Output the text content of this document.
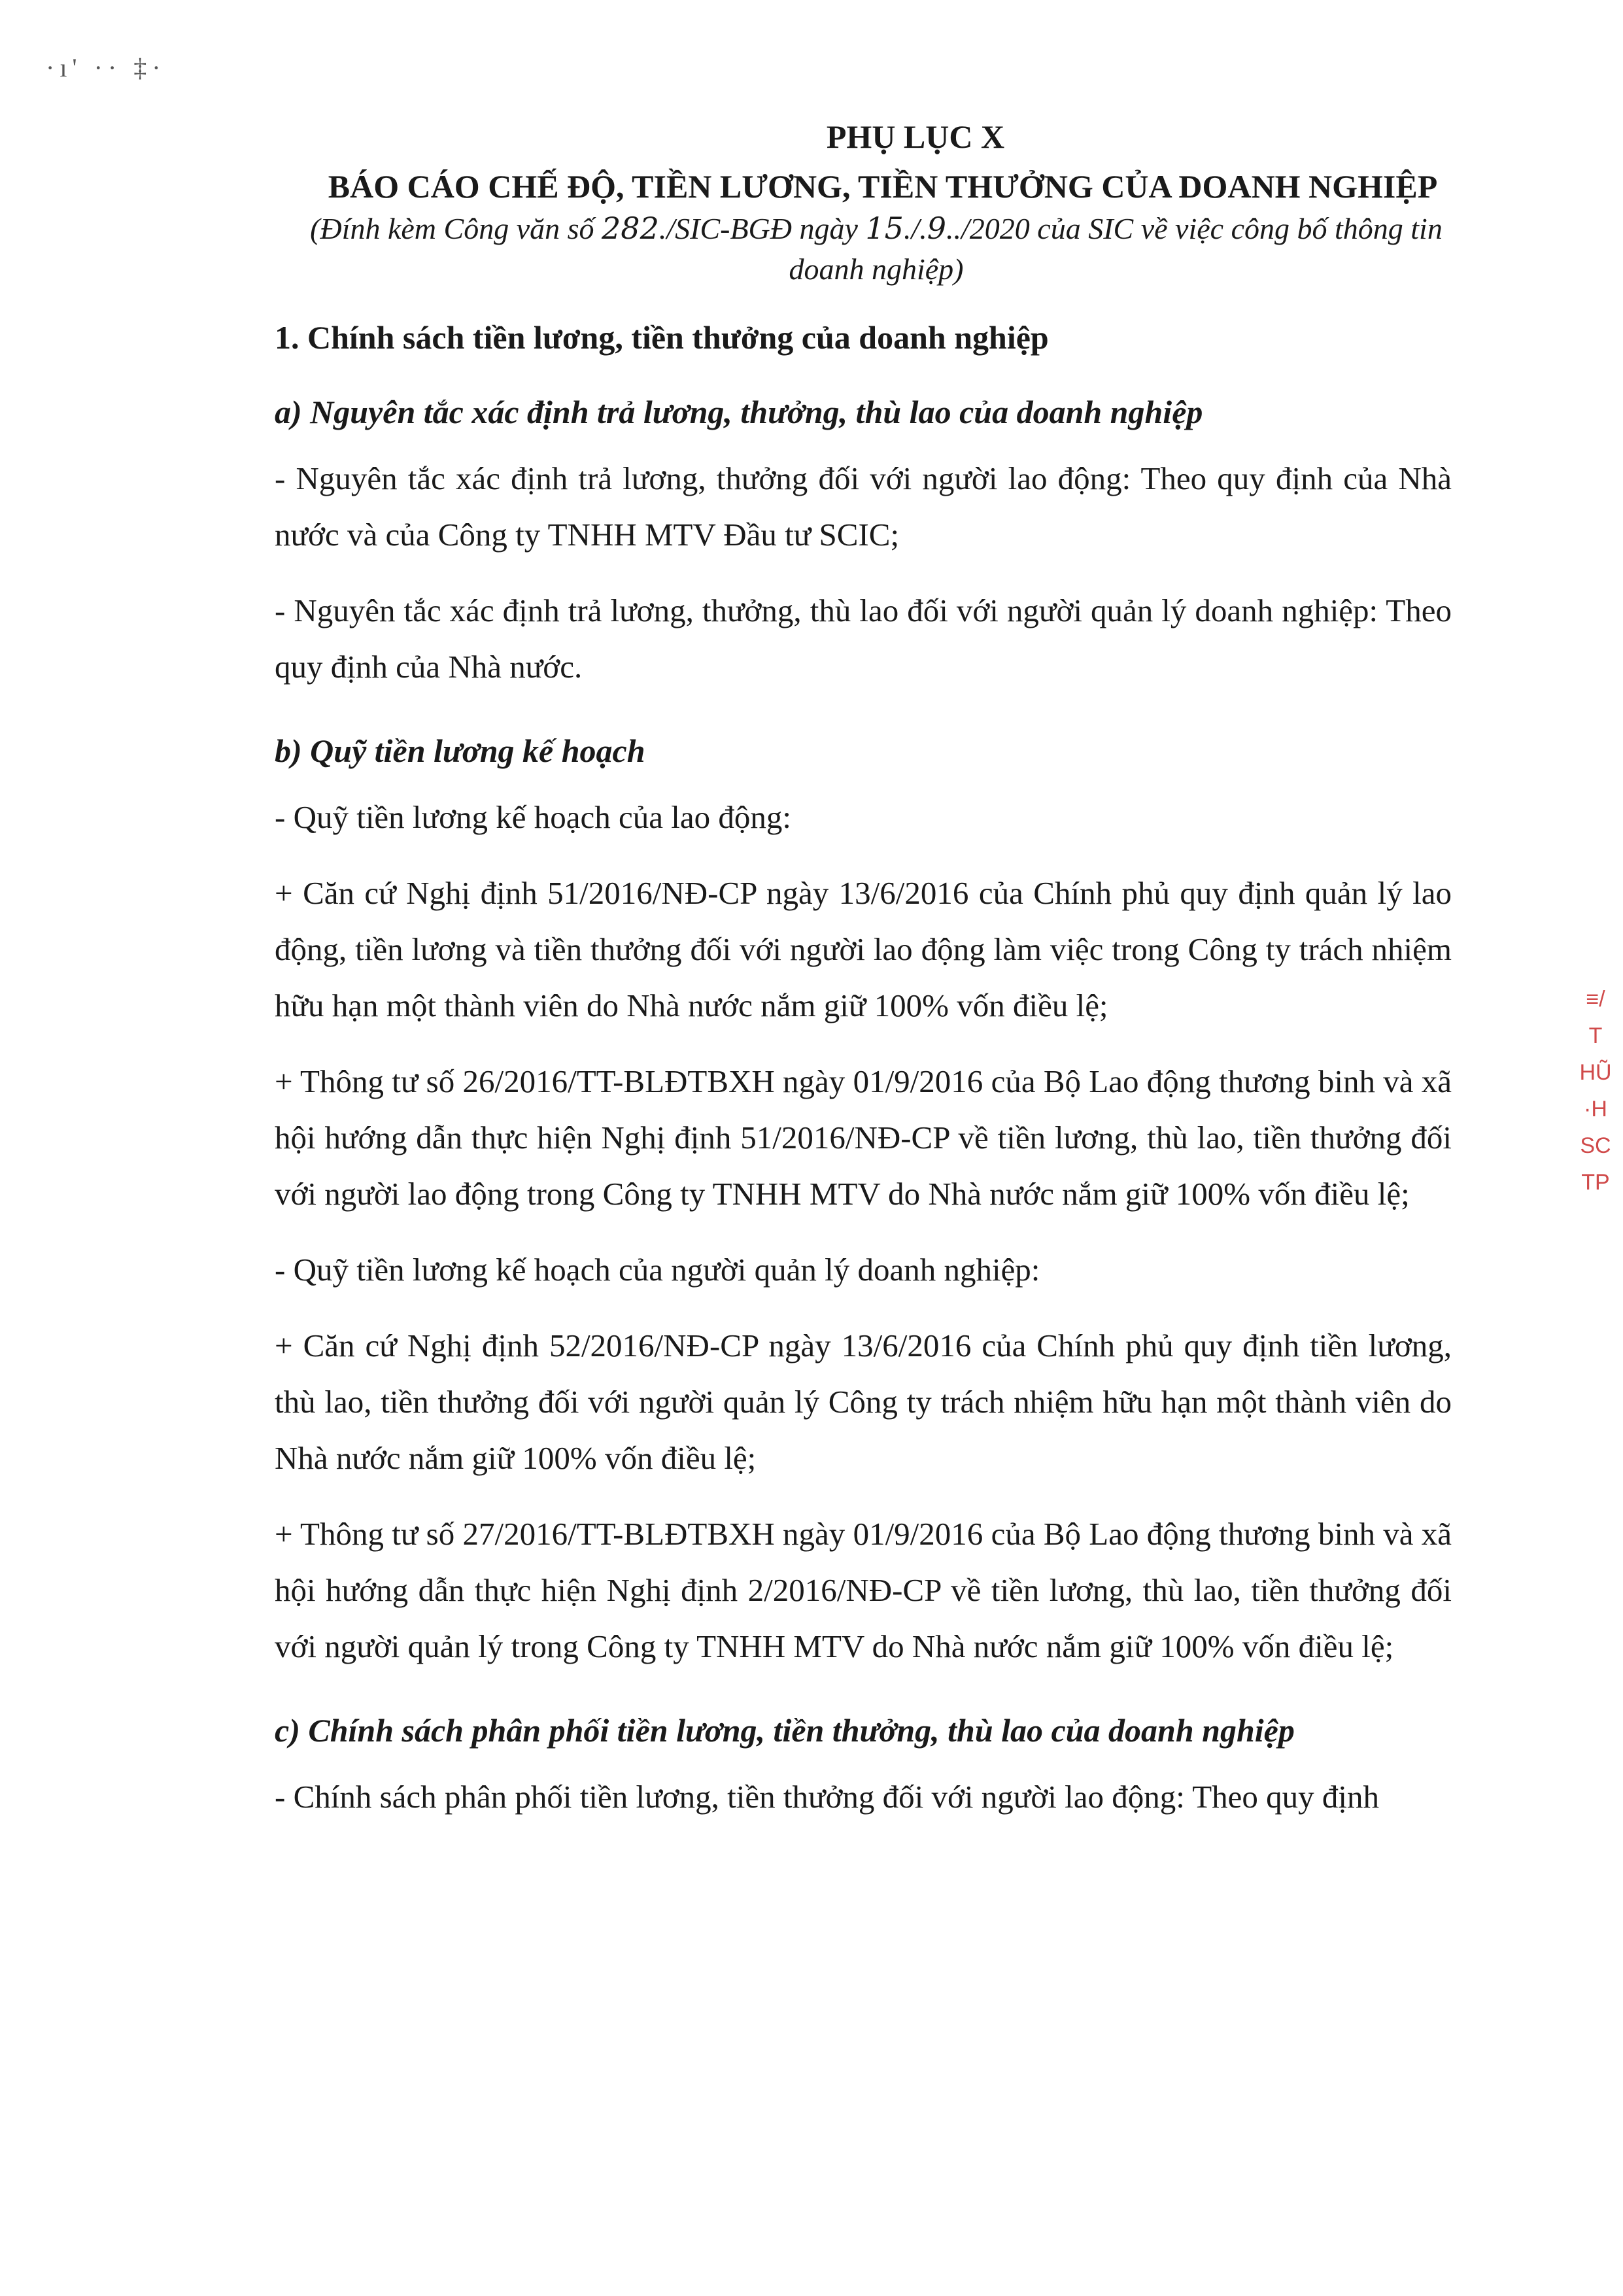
·ı' ·· ‡·
≡/
T
HŨ
·H
SC
TP

PHỤ LỤC X

BÁO CÁO CHẾ ĐỘ, TIỀN LƯƠNG, TIỀN THƯỞNG CỦA DOANH NGHIỆP

(Đính kèm Công văn số 282./SIC-BGĐ ngày 15./.9../2020 của SIC về việc công bố thông tin doanh nghiệp)

1. Chính sách tiền lương, tiền thưởng của doanh nghiệp

a) Nguyên tắc xác định trả lương, thưởng, thù lao của doanh nghiệp

- Nguyên tắc xác định trả lương, thưởng đối với người lao động: Theo quy định của Nhà nước và của Công ty TNHH MTV Đầu tư SCIC;

- Nguyên tắc xác định trả lương, thưởng, thù lao đối với người quản lý doanh nghiệp: Theo quy định của Nhà nước.

b) Quỹ tiền lương kế hoạch

- Quỹ tiền lương kế hoạch của lao động:

+ Căn cứ Nghị định 51/2016/NĐ-CP ngày 13/6/2016 của Chính phủ quy định quản lý lao động, tiền lương và tiền thưởng đối với người lao động làm việc trong Công ty trách nhiệm hữu hạn một thành viên do Nhà nước nắm giữ 100% vốn điều lệ;

+ Thông tư số 26/2016/TT-BLĐTBXH ngày 01/9/2016 của Bộ Lao động thương binh và xã hội hướng dẫn thực hiện Nghị định 51/2016/NĐ-CP về tiền lương, thù lao, tiền thưởng đối với người lao động trong Công ty TNHH MTV do Nhà nước nắm giữ 100% vốn điều lệ;

- Quỹ tiền lương kế hoạch của người quản lý doanh nghiệp:

+ Căn cứ Nghị định 52/2016/NĐ-CP ngày 13/6/2016 của Chính phủ quy định tiền lương, thù lao, tiền thưởng đối với người quản lý Công ty trách nhiệm hữu hạn một thành viên do Nhà nước nắm giữ 100% vốn điều lệ;

+ Thông tư số 27/2016/TT-BLĐTBXH ngày 01/9/2016 của Bộ Lao động thương binh và xã hội hướng dẫn thực hiện Nghị định 2/2016/NĐ-CP về tiền lương, thù lao, tiền thưởng đối với người quản lý trong Công ty TNHH MTV do Nhà nước nắm giữ 100% vốn điều lệ;

c) Chính sách phân phối tiền lương, tiền thưởng, thù lao của doanh nghiệp

- Chính sách phân phối tiền lương, tiền thưởng đối với người lao động: Theo quy định
